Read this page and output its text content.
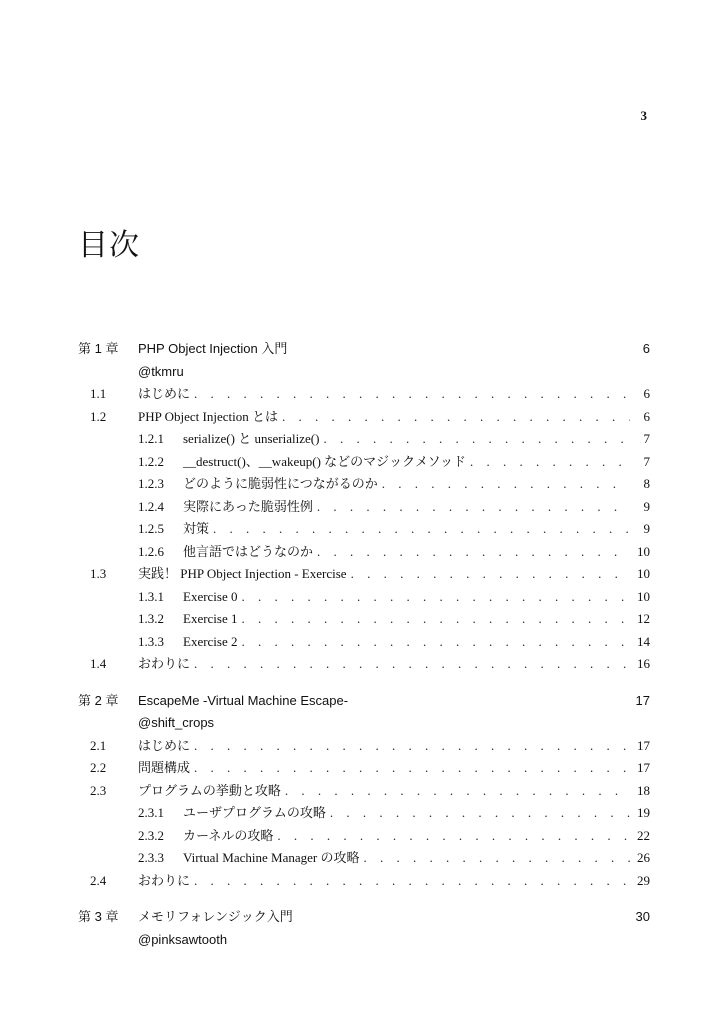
3
目次
第 1 章 PHP Object Injection 入門	6
@tkmru
1.1 はじめに . . .	6
1.2 PHP Object Injection とは . . .	6
1.2.1	serialize() と unserialize() . . .	7
1.2.2	__destruct()、__wakeup() などのマジックメソッド . . .	7
1.2.3	どのように脆弱性につながるのか . . .	8
1.2.4	実際にあった脆弱性例 . . .	9
1.2.5	対策 . . .	9
1.2.6	他言語ではどうなのか . . .	10
1.3 実践！ PHP Object Injection - Exercise . . .	10
1.3.1	Exercise 0 . . .	10
1.3.2	Exercise 1 . . .	12
1.3.3	Exercise 2 . . .	14
1.4 おわりに . . .	16
第 2 章 EscapeMe -Virtual Machine Escape-	17
@shift_crops
2.1 はじめに . . .	17
2.2 問題構成 . . .	17
2.3 プログラムの挙動と攻略 . . .	18
2.3.1	ユーザプログラムの攻略 . . .	19
2.3.2	カーネルの攻略 . . .	22
2.3.3	Virtual Machine Manager の攻略 . . .	26
2.4 おわりに . . .	29
第 3 章 メモリフォレンジック入門	30
@pinksawtooth
